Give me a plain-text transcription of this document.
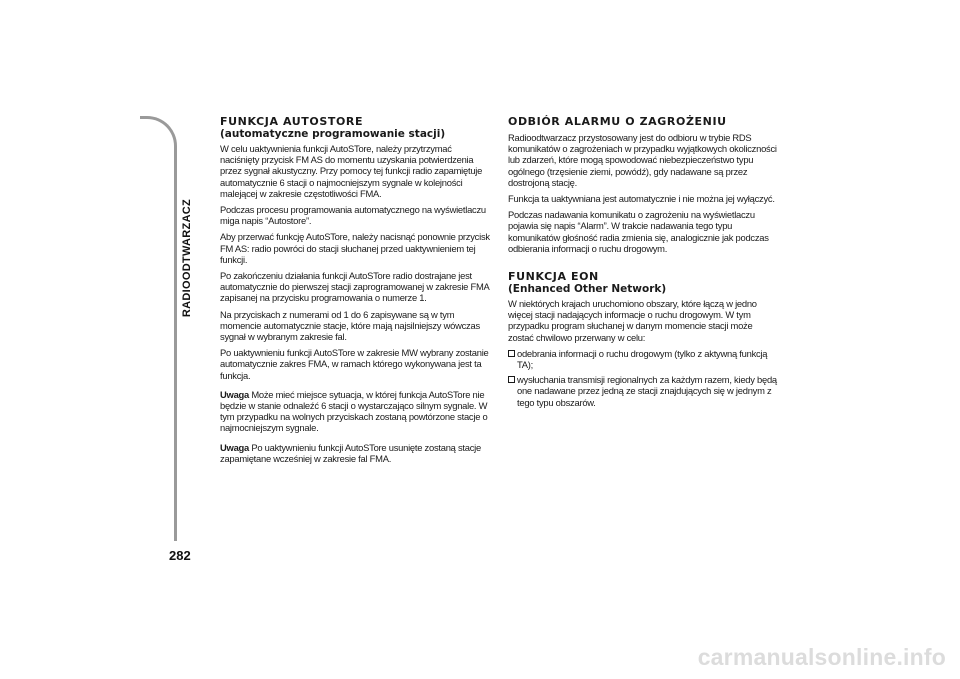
RADIOODTWARZACZ
282
FUNKCJA AUTOSTORE
(automatyczne programowanie stacji)

W celu uaktywnienia funkcji AutoSTore, należy przytrzymać naciśnięty przycisk FM AS do momentu uzyskania potwierdzenia przez sygnał akustyczny. Przy pomocy tej funkcji radio zapamiętuje automatycznie 6 stacji o najmocniejszym sygnale w kolejności malejącej w zakresie częstotliwości FMA.

Podczas procesu programowania automatycznego na wyświetlaczu miga napis “Autostore”.

Aby przerwać funkcję AutoSTore, należy nacisnąć ponownie przycisk FM AS: radio powróci do stacji słuchanej przed uaktywnieniem tej funkcji.

Po zakończeniu działania funkcji AutoSTore radio dostrajane jest automatycznie do pierwszej stacji zaprogramowanej w zakresie FMA zapisanej na przycisku programowania o numerze 1.

Na przyciskach z numerami od 1 do 6 zapisywane są w tym momencie automatycznie stacje, które mają najsilniejszy wówczas sygnał w wybranym zakresie fal.

Po uaktywnieniu funkcji AutoSTore w zakresie MW wybrany zostanie automatycznie zakres FMA, w ramach którego wykonywana jest ta funkcja.

Uwaga Może mieć miejsce sytuacja, w której funkcja AutoSTore nie będzie w stanie odnaleźć 6 stacji o wystarczająco silnym sygnale. W tym przypadku na wolnych przyciskach zostaną powtórzone stacje o najmocniejszym sygnale.

Uwaga Po uaktywnieniu funkcji AutoSTore usunięte zostaną stacje zapamiętane wcześniej w zakresie fal FMA.

ODBIÓR ALARMU O ZAGROŻENIU

Radioodtwarzacz przystosowany jest do odbioru w trybie RDS komunikatów o zagrożeniach w przypadku wyjątkowych okoliczności lub zdarzeń, które mogą spowodować niebezpieczeństwo typu ogólnego (trzęsienie ziemi, powódź), gdy nadawane są przez dostrojoną stację.

Funkcja ta uaktywniana jest automatycznie i nie można jej wyłączyć.

Podczas nadawania komunikatu o zagrożeniu na wyświetlaczu pojawia się napis “Alarm”. W trakcie nadawania tego typu komunikatów głośność radia zmienia się, analogicznie jak podczas odbierania informacji o ruchu drogowym.

FUNKCJA EON
(Enhanced Other Network)

W niektórych krajach uruchomiono obszary, które łączą w jedno więcej stacji nadających informacje o ruchu drogowym. W tym przypadku program słuchanej w danym momencie stacji może zostać chwilowo przerwany w celu:

odebrania informacji o ruchu drogowym (tylko z aktywną funkcją TA);
wysłuchania transmisji regionalnych za każdym razem, kiedy będą one nadawane przez jedną ze stacji znajdujących się w jednym z tego typu obszarów.
carmanualsonline.info
